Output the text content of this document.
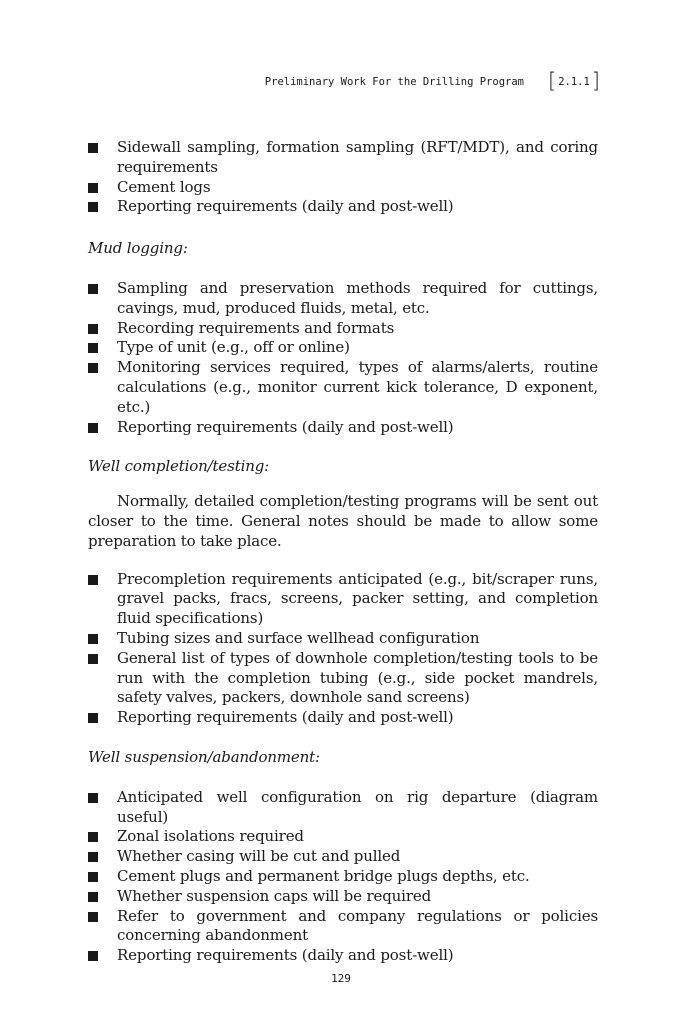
Preliminary Work For the Drilling Program [ 2.1.1]
Sidewall sampling, formation sampling (RFT/MDT), and coring requirements
Cement logs
Reporting requirements (daily and post-well)

Mud logging:

Sampling and preservation methods required for cuttings, cavings, mud, produced fluids, metal, etc.
Recording requirements and formats
Type of unit (e.g., off or online)
Monitoring services required, types of alarms/alerts, routine calculations (e.g., monitor current kick tolerance, D exponent, etc.)
Reporting requirements (daily and post-well)

Well completion/testing:

Normally, detailed completion/testing programs will be sent out closer to the time. General notes should be made to allow some preparation to take place.

Precompletion requirements anticipated (e.g., bit/scraper runs, gravel packs, fracs, screens, packer setting, and completion fluid specifications)
Tubing sizes and surface wellhead configuration
General list of types of downhole completion/testing tools to be run with the completion tubing (e.g., side pocket mandrels, safety valves, packers, downhole sand screens)
Reporting requirements (daily and post-well)

Well suspension/abandonment:

Anticipated well configuration on rig departure (diagram useful)
Zonal isolations required
Whether casing will be cut and pulled
Cement plugs and permanent bridge plugs depths, etc.
Whether suspension caps will be required
Refer to government and company regulations or policies concerning abandonment
Reporting requirements (daily and post-well)
129
